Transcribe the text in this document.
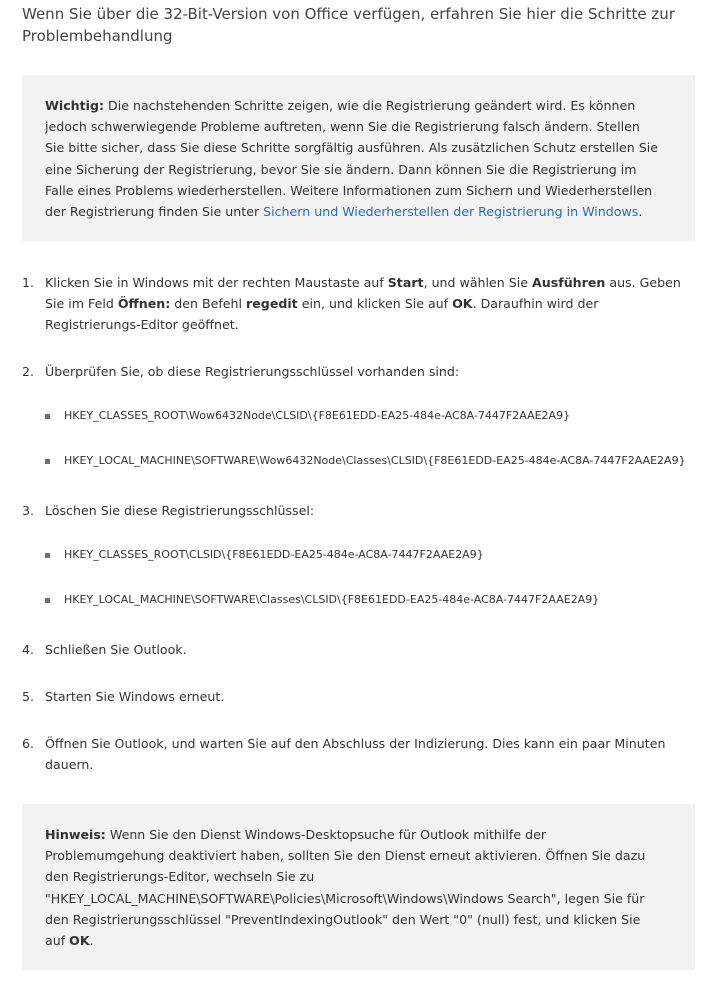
Wenn Sie über die 32-Bit-Version von Office verfügen, erfahren Sie hier die Schritte zur Problembehandlung
Wichtig: Die nachstehenden Schritte zeigen, wie die Registrierung geändert wird. Es können jedoch schwerwiegende Probleme auftreten, wenn Sie die Registrierung falsch ändern. Stellen Sie bitte sicher, dass Sie diese Schritte sorgfältig ausführen. Als zusätzlichen Schutz erstellen Sie eine Sicherung der Registrierung, bevor Sie sie ändern. Dann können Sie die Registrierung im Falle eines Problems wiederherstellen. Weitere Informationen zum Sichern und Wiederherstellen der Registrierung finden Sie unter Sichern und Wiederherstellen der Registrierung in Windows.
1. Klicken Sie in Windows mit der rechten Maustaste auf Start, und wählen Sie Ausführen aus. Geben Sie im Feld Öffnen: den Befehl regedit ein, und klicken Sie auf OK. Daraufhin wird der Registrierungs-Editor geöffnet.
2. Überprüfen Sie, ob diese Registrierungsschlüssel vorhanden sind:
3. Löschen Sie diese Registrierungsschlüssel:
4. Schließen Sie Outlook.
5. Starten Sie Windows erneut.
6. Öffnen Sie Outlook, und warten Sie auf den Abschluss der Indizierung. Dies kann ein paar Minuten dauern.
HKEY_CLASSES_ROOT\Wow6432Node\CLSID\{F8E61EDD-EA25-484e-AC8A-7447F2AAE2A9}
HKEY_LOCAL_MACHINE\SOFTWARE\Wow6432Node\Classes\CLSID\{F8E61EDD-EA25-484e-AC8A-7447F2AAE2A9}
HKEY_CLASSES_ROOT\CLSID\{F8E61EDD-EA25-484e-AC8A-7447F2AAE2A9}
HKEY_LOCAL_MACHINE\SOFTWARE\Classes\CLSID\{F8E61EDD-EA25-484e-AC8A-7447F2AAE2A9}
Hinweis: Wenn Sie den Dienst Windows-Desktopsuche für Outlook mithilfe der Problemumgehung deaktiviert haben, sollten Sie den Dienst erneut aktivieren. Öffnen Sie dazu den Registrierungs-Editor, wechseln Sie zu "HKEY_LOCAL_MACHINE\SOFTWARE\Policies\Microsoft\Windows\Windows Search", legen Sie für den Registrierungsschlüssel "PreventIndexingOutlook" den Wert "0" (null) fest, und klicken Sie auf OK.
